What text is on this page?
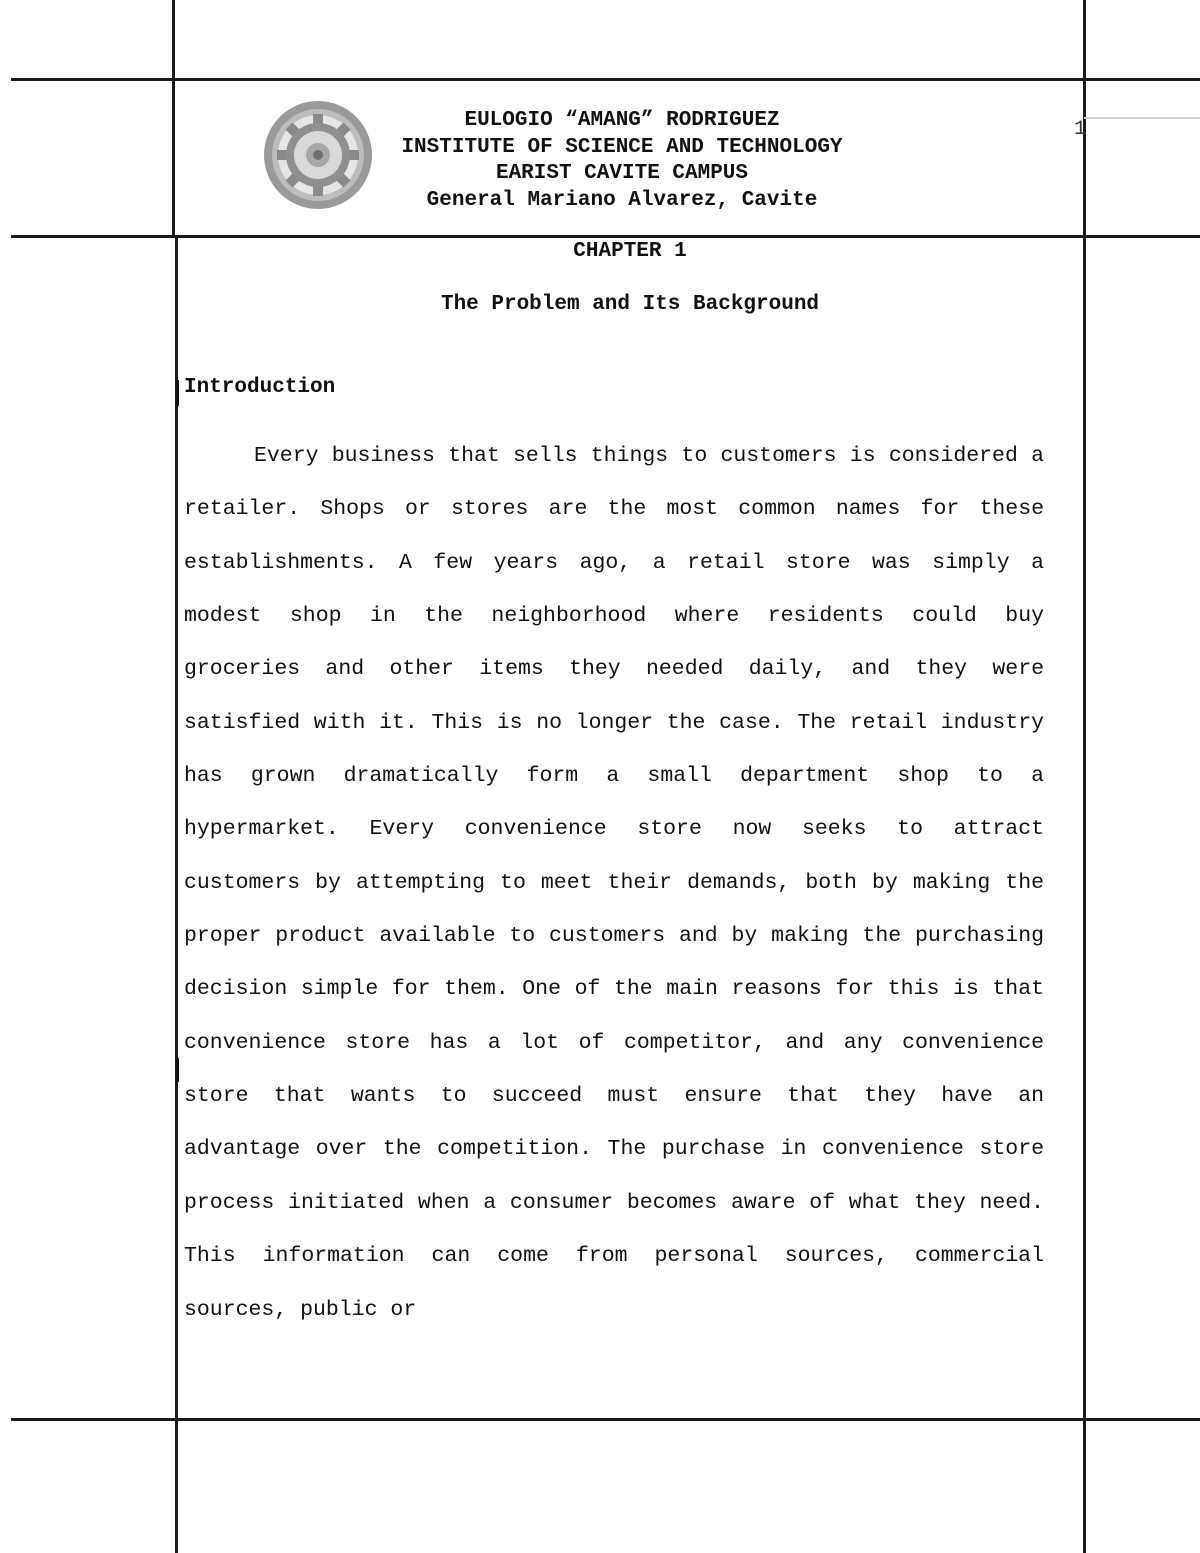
EULOGIO “AMANG” RODRIGUEZ
INSTITUTE OF SCIENCE AND TECHNOLOGY
EARIST CAVITE CAMPUS
General Mariano Alvarez, Cavite
1
CHAPTER 1
The Problem and Its Background
Introduction

Every business that sells things to customers is considered a retailer. Shops or stores are the most common names for these establishments. A few years ago, a retail store was simply a modest shop in the neighborhood where residents could buy groceries and other items they needed daily, and they were satisfied with it. This is no longer the case. The retail industry has grown dramatically form a small department shop to a hypermarket. Every convenience store now seeks to attract customers by attempting to meet their demands, both by making the proper product available to customers and by making the purchasing decision simple for them. One of the main reasons for this is that convenience store has a lot of competitor, and any convenience store that wants to succeed must ensure that they have an advantage over the competition. The purchase in convenience store process initiated when a consumer becomes aware of what they need. This information can come from personal sources, commercial sources, public or
